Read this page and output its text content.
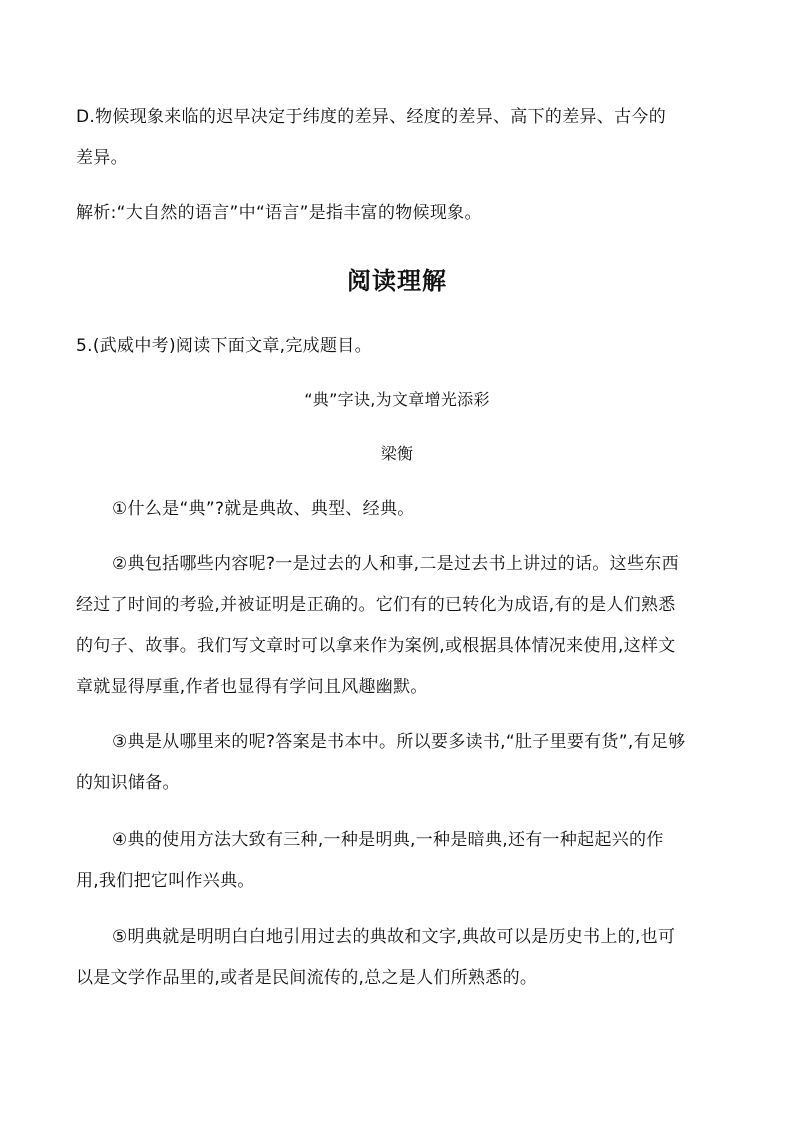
D.物候现象来临的迟早决定于纬度的差异、经度的差异、高下的差异、古今的
差异。
解析:“大自然的语言”中“语言”是指丰富的物候现象。
阅读理解
5.(武威中考)阅读下面文章,完成题目。
“典”字诀,为文章增光添彩
梁衡
①什么是“典”?就是典故、典型、经典。
②典包括哪些内容呢?一是过去的人和事,二是过去书上讲过的话。这些东西
经过了时间的考验,并被证明是正确的。它们有的已转化为成语,有的是人们熟悉
的句子、故事。我们写文章时可以拿来作为案例,或根据具体情况来使用,这样文
章就显得厚重,作者也显得有学问且风趣幽默。
③典是从哪里来的呢?答案是书本中。所以要多读书,“肚子里要有货”,有足够
的知识储备。
④典的使用方法大致有三种,一种是明典,一种是暗典,还有一种起起兴的作
用,我们把它叫作兴典。
⑤明典就是明明白白地引用过去的典故和文字,典故可以是历史书上的,也可
以是文学作品里的,或者是民间流传的,总之是人们所熟悉的。
